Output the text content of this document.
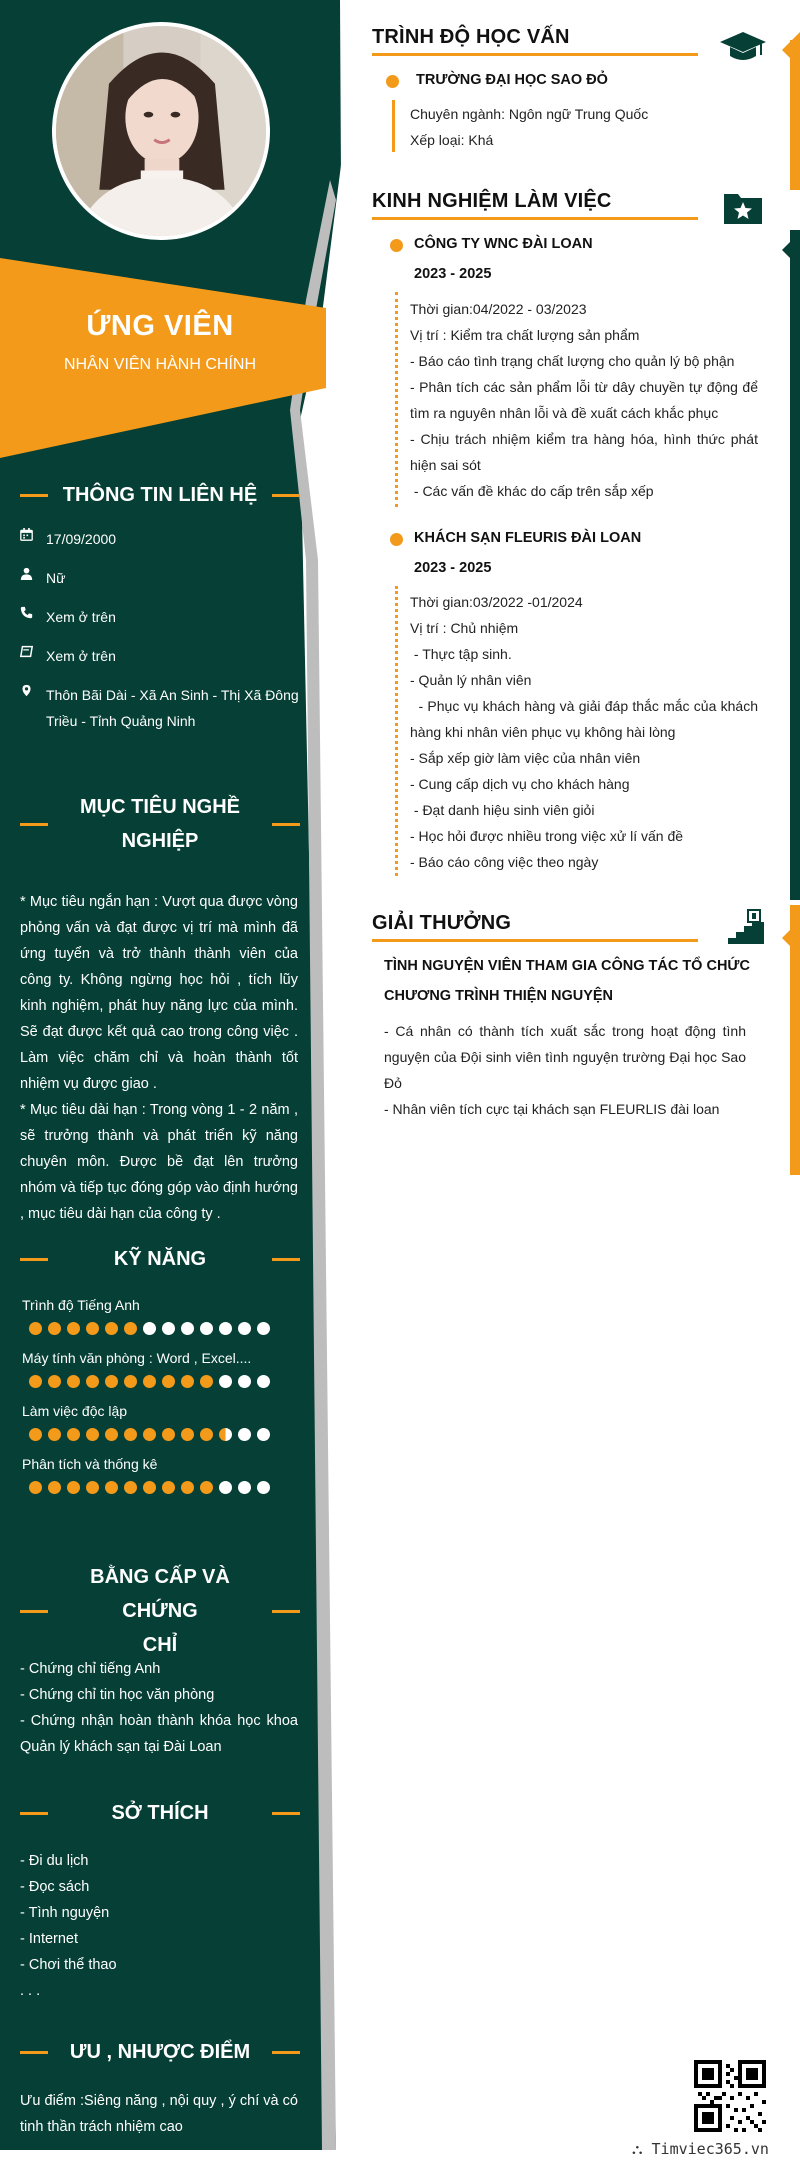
ỨNG VIÊN
NHÂN VIÊN HÀNH CHÍNH
THÔNG TIN LIÊN HỆ
17/09/2000
Nữ
Xem ở trên
Xem ở trên
Thôn Bãi Dài - Xã An Sinh - Thị Xã Đông Triều - Tỉnh Quảng Ninh
MỤC TIÊU NGHỀ
NGHIỆP
* Mục tiêu ngắn hạn : Vượt qua được vòng phỏng vấn và đạt được vị trí mà mình đã ứng tuyển và trở thành thành viên của công ty. Không ngừng học hỏi , tích lũy kinh nghiệm, phát huy năng lực của mình. Sẽ đạt được kết quả cao trong công việc . Làm việc chăm chỉ và hoàn thành tốt nhiệm vụ được giao .
* Mục tiêu dài hạn : Trong vòng 1 - 2 năm , sẽ trưởng thành và phát triển kỹ năng chuyên môn. Được bề đạt lên trưởng nhóm và tiếp tục đóng góp vào định hướng , mục tiêu dài hạn của công ty .
KỸ NĂNG
Trình độ Tiếng Anh
Máy tính văn phòng : Word , Excel....
Làm việc độc lập
Phân tích và thống kê
BẰNG CẤP VÀ CHỨNG
CHỈ
- Chứng chỉ tiếng Anh
- Chứng chỉ tin học văn phòng
- Chứng nhận hoàn thành khóa học khoa Quản lý khách sạn tại Đài Loan
SỞ THÍCH
- Đi du lịch
- Đọc sách
- Tình nguyện
- Internet
- Chơi thể thao
. . .
ƯU , NHƯỢC ĐIỂM
Ưu điểm :Siêng năng , nội quy , ý chí và có tinh thần trách nhiệm cao
TRÌNH ĐỘ HỌC VẤN
TRƯỜNG ĐẠI HỌC SAO ĐỎ
Chuyên ngành: Ngôn ngữ Trung Quốc
Xếp loại: Khá
KINH NGHIỆM LÀM VIỆC
CÔNG TY WNC ĐÀI LOAN
2023 - 2025
Thời gian:04/2022 - 03/2023
Vị trí : Kiểm tra chất lượng sản phẩm
- Báo cáo tình trạng chất lượng cho quản lý bộ phận
- Phân tích các sản phẩm lỗi từ dây chuyền tự động để tìm ra nguyên nhân lỗi và đề xuất cách khắc phục
- Chịu trách nhiệm kiểm tra hàng hóa, hình thức phát hiện sai sót
- Các vấn đề khác do cấp trên sắp xếp
KHÁCH SẠN FLEURIS ĐÀI LOAN
2023 - 2025
Thời gian:03/2022 -01/2024
Vị trí : Chủ nhiệm
- Thực tập sinh.
- Quản lý nhân viên
- Phục vụ khách hàng và giải đáp thắc mắc của khách hàng khi nhân viên phục vụ không hài lòng
- Sắp xếp giờ làm việc của nhân viên
- Cung cấp dịch vụ cho khách hàng
- Đạt danh hiệu sinh viên giỏi
- Học hỏi được nhiều trong việc xử lí vấn đề
- Báo cáo công việc theo ngày
GIẢI THƯỞNG
TÌNH NGUYỆN VIÊN THAM GIA CÔNG TÁC TỔ CHỨC CHƯƠNG TRÌNH THIỆN NGUYỆN
- Cá nhân có thành tích xuất sắc trong hoạt động tình nguyện của Đội sinh viên tình nguyện trường Đại học Sao Đỏ
- Nhân viên tích cực tại khách sạn FLEURLIS đài loan
⛬ Timviec365.vn
